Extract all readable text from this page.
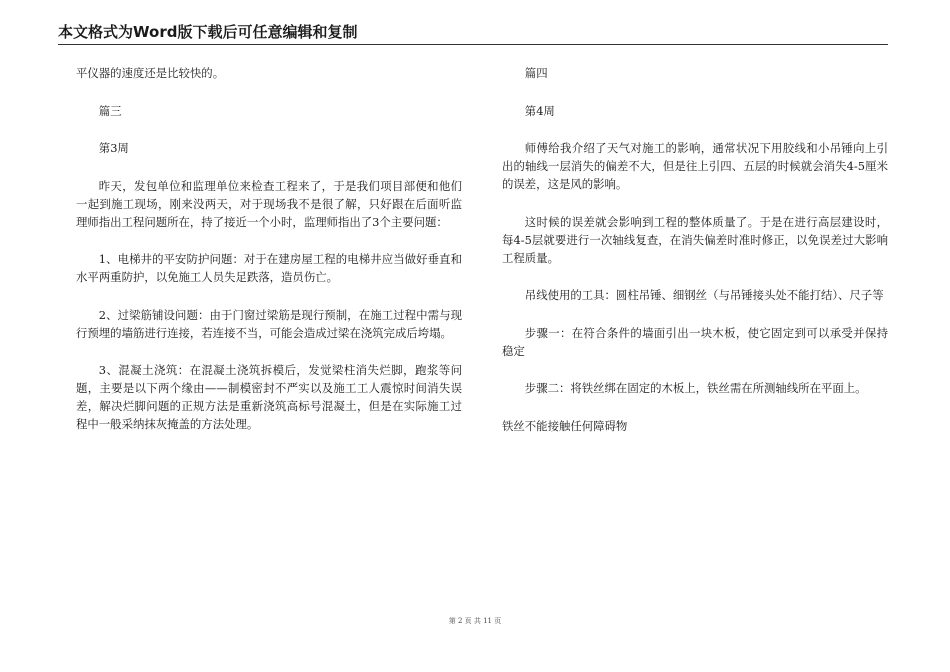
本文格式为Word版下载后可任意编辑和复制

平仪器的速度还是比较快的。

篇三

第3周

昨天，发包单位和监理单位来检查工程来了，于是我们项目部便和他们一起到施工现场，刚来没两天，对于现场我不是很了解，只好跟在后面听监理师指出工程问题所在，持了接近一个小时，监理师指出了3个主要问题：

1、电梯井的平安防护问题：对于在建房屋工程的电梯井应当做好垂直和水平两重防护，以免施工人员失足跌落，造员伤亡。

2、过梁筋铺设问题：由于门窗过梁筋是现行预制，在施工过程中需与现行预埋的墙筋进行连接，若连接不当，可能会造成过梁在浇筑完成后垮塌。

3、混凝土浇筑：在混凝土浇筑拆模后，发觉梁柱消失烂脚，跑浆等问题，主要是以下两个缘由——制模密封不严实以及施工工人震惊时间消失误差，解决烂脚问题的正规方法是重新浇筑高标号混凝土，但是在实际施工过程中一般采纳抹灰掩盖的方法处理。

篇四

第4周

师傅给我介绍了天气对施工的影响，通常状况下用胶线和小吊锤向上引出的轴线一层消失的偏差不大，但是往上引四、五层的时候就会消失4-5厘米的误差，这是风的影响。

这时候的误差就会影响到工程的整体质量了。于是在进行高层建设时，每4-5层就要进行一次轴线复查，在消失偏差时准时修正，以免误差过大影响工程质量。

吊线使用的工具：圆柱吊锤、细钢丝（与吊锤接头处不能打结）、尺子等

步骤一：在符合条件的墙面引出一块木板，使它固定到可以承受并保持稳定

步骤二：将铁丝绑在固定的木板上，铁丝需在所测轴线所在平面上。

铁丝不能接触任何障碍物

第 2 页 共 11 页
